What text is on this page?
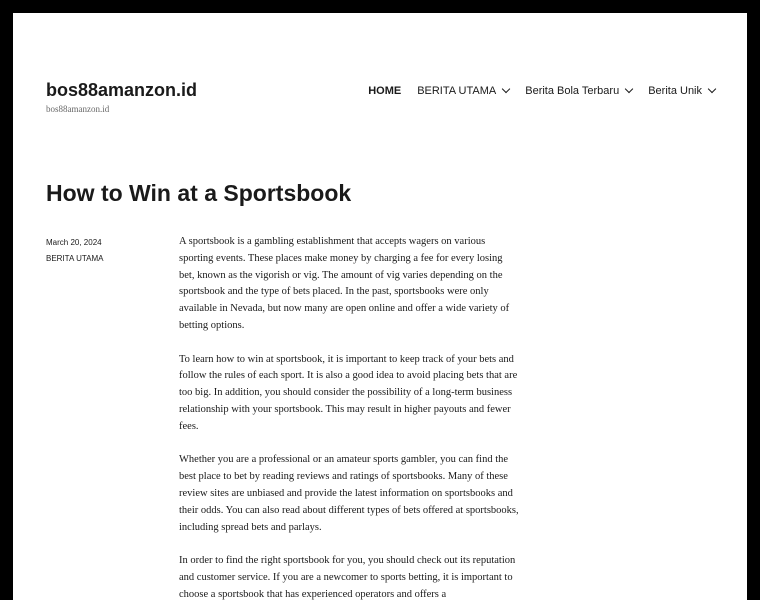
bos88amanzon.id

bos88amanzon.id

HOME BERITA UTAMA	Berita Bola Terbaru	Berita Unik
How to Win at a Sportsbook
March 20, 2024
BERITA UTAMA

A sportsbook is a gambling establishment that accepts wagers on various sporting events. These places make money by charging a fee for every losing bet, known as the vigorish or vig. The amount of vig varies depending on the sportsbook and the type of bets placed. In the past, sportsbooks were only available in Nevada, but now many are open online and offer a wide variety of betting options.

To learn how to win at sportsbook, it is important to keep track of your bets and follow the rules of each sport. It is also a good idea to avoid placing bets that are too big. In addition, you should consider the possibility of a long-term business relationship with your sportsbook. This may result in higher payouts and fewer fees.

Whether you are a professional or an amateur sports gambler, you can find the best place to bet by reading reviews and ratings of sportsbooks. Many of these review sites are unbiased and provide the latest information on sportsbooks and their odds. You can also read about different types of bets offered at sportsbooks, including spread bets and parlays.

In order to find the right sportsbook for you, you should check out its reputation and customer service. If you are a newcomer to sports betting, it is important to choose a sportsbook that has experienced operators and offers a
